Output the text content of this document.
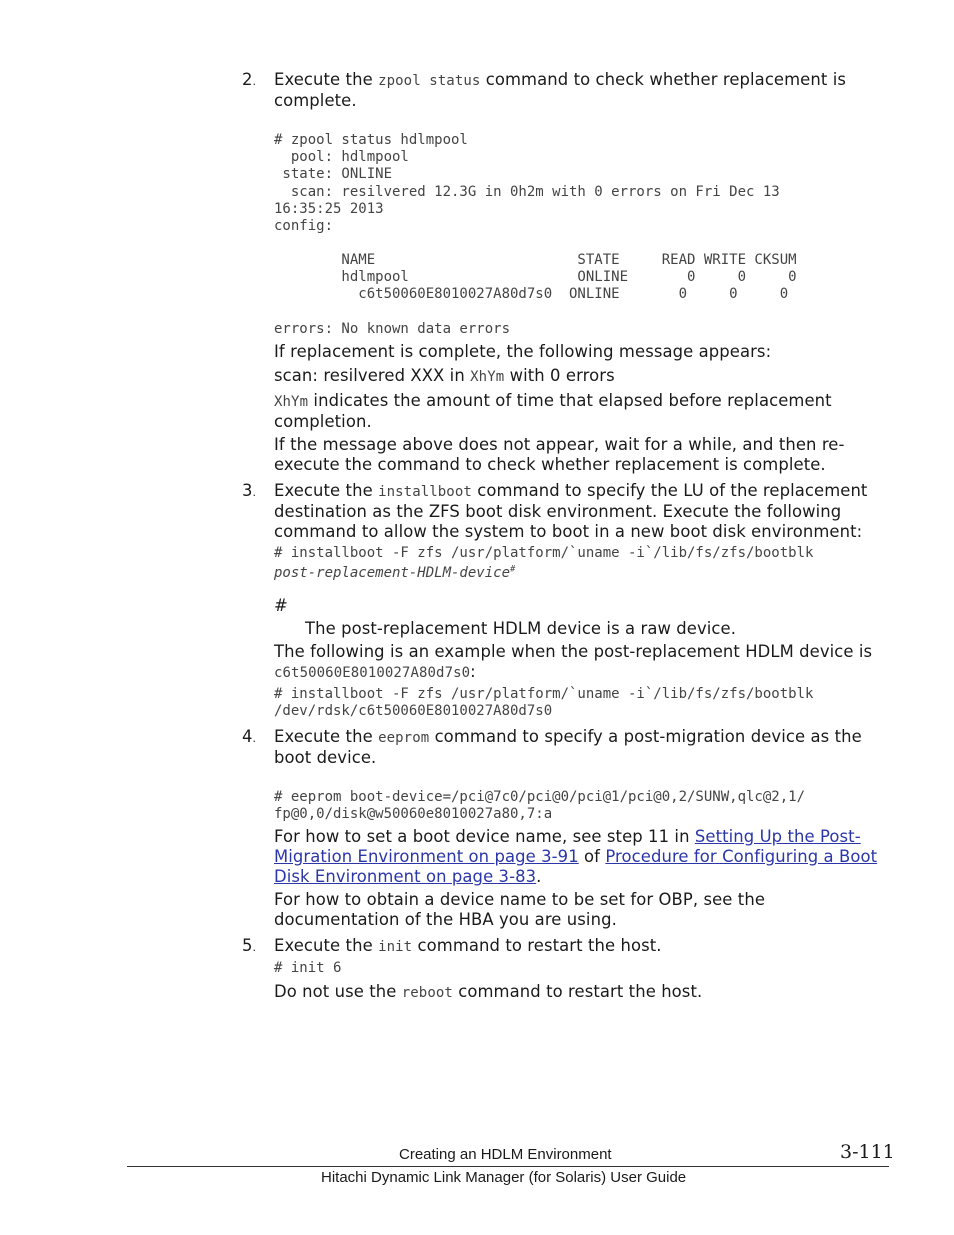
2. Execute the zpool status command to check whether replacement is complete.
# zpool status hdlmpool
pool: hdlmpool
state: ONLINE
scan: resilvered 12.3G in 0h2m with 0 errors on Fri Dec 13
16:35:25 2013
config:
NAME                        STATE     READ WRITE CKSUM
hdlmpool                    ONLINE       0     0     0
c6t50060E8010027A80d7s0  ONLINE       0     0     0
errors: No known data errors
If replacement is complete, the following message appears:
scan: resilvered XXX in XhYm with 0 errors
XhYm indicates the amount of time that elapsed before replacement completion.
If the message above does not appear, wait for a while, and then re-execute the command to check whether replacement is complete.
3. Execute the installboot command to specify the LU of the replacement destination as the ZFS boot disk environment. Execute the following command to allow the system to boot in a new boot disk environment:
# installboot -F zfs /usr/platform/`uname -i`/lib/fs/zfs/bootblk
post-replacement-HDLM-device#
#
The post-replacement HDLM device is a raw device.
The following is an example when the post-replacement HDLM device is
c6t50060E8010027A80d7s0:
# installboot -F zfs /usr/platform/`uname -i`/lib/fs/zfs/bootblk
/dev/rdsk/c6t50060E8010027A80d7s0
4. Execute the eeprom command to specify a post-migration device as the boot device.
# eeprom boot-device=/pci@7c0/pci@0/pci@1/pci@0,2/SUNW,qlc@2,1/
fp@0,0/disk@w50060e8010027a80,7:a
For how to set a boot device name, see step 11 in Setting Up the Post-Migration Environment on page 3-91 of Procedure for Configuring a Boot Disk Environment on page 3-83.
For how to obtain a device name to be set for OBP, see the documentation of the HBA you are using.
5. Execute the init command to restart the host.
# init 6
Do not use the reboot command to restart the host.
Creating an HDLM Environment	3-111
Hitachi Dynamic Link Manager (for Solaris) User Guide
